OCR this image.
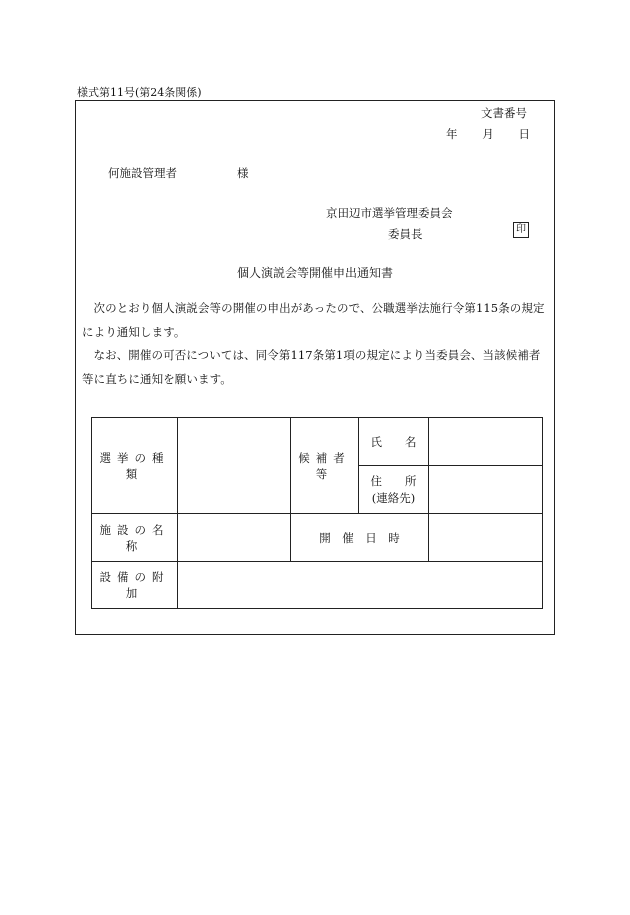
様式第11号(第24条関係)
文書番号
年 月 日
何施設管理者	様
京田辺市選挙管理委員会
委員長	印
個人演説会等開催申出通知書

次のとおり個人演説会等の開催の申出があったので、公職選挙法施行令第115条の規定により通知します。

なお、開催の可否については、同令第117条第1項の規定により当委員会、当該候補者等に直ちに通知を願います。

選挙の種類
候補者等
氏　　名
住　　所
(連絡先)
施設の名称
開　催　日　時
設備の附加
